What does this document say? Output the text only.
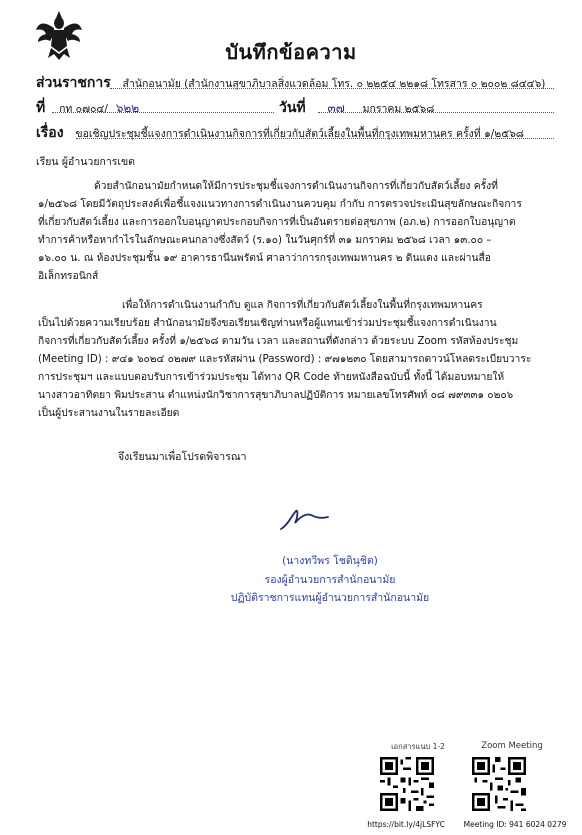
บันทึกข้อความ
ส่วนราชการ สำนักอนามัย (สำนักงานสุขาภิบาลสิ่งแวดล้อม โทร. ๐ ๒๒๕๔ ๒๒๑๘ โทรสาร ๐ ๒๐๐๒ ๘๔๔๖)
ที่ กท ๐๗๐๔/ ๖๒๒	วันที่ ๓๗ มกราคม ๒๕๖๘
เรื่อง ขอเชิญประชุมชี้แจงการดำเนินงานกิจการที่เกี่ยวกับสัตว์เลี้ยงในพื้นที่กรุงเทพมหานคร ครั้งที่ ๑/๒๕๖๘
เรียน ผู้อำนวยการเขต
ด้วยสำนักอนามัยกำหนดให้มีการประชุมชี้แจงการดำเนินงานกิจการที่เกี่ยวกับสัตว์เลี้ยง ครั้งที่
๑/๒๕๖๘ โดยมีวัตถุประสงค์เพื่อชี้แจงแนวทางการดำเนินงานควบคุม กำกับ การตรวจประเมินสุขลักษณะกิจการ
ที่เกี่ยวกับสัตว์เลี้ยง และการออกใบอนุญาตประกอบกิจการที่เป็นอันตรายต่อสุขภาพ (อภ.๒) การออกใบอนุญาต
ทำการค้าหรือหากำไรในลักษณะคนกลางซึ่งสัตว์ (ร.๑๐) ในวันศุกร์ที่ ๓๑ มกราคม ๒๕๖๘ เวลา ๑๓.๐๐ –
๑๖.๐๐ น. ณ ห้องประชุมชั้น ๑๙ อาคารธานีนพรัตน์ ศาลาว่าการกรุงเทพมหานคร ๒ ดินแดง และผ่านสื่อ
อิเล็กทรอนิกส์
เพื่อให้การดำเนินงานกำกับ ดูแล กิจการที่เกี่ยวกับสัตว์เลี้ยงในพื้นที่กรุงเทพมหานคร
เป็นไปด้วยความเรียบร้อย สำนักอนามัยจึงขอเรียนเชิญท่านหรือผู้แทนเข้าร่วมประชุมชี้แจงการดำเนินงาน
กิจการที่เกี่ยวกับสัตว์เลี้ยง ครั้งที่ ๑/๒๕๖๘ ตามวัน เวลา และสถานที่ดังกล่าว ด้วยระบบ Zoom รหัสห้องประชุม
(Meeting ID) : ๙๔๑ ๖๐๒๔ ๐๒๗๙ และรหัสผ่าน (Password) : ๙๗๑๒๓๐ โดยสามารถดาวน์โหลดระเบียบวาระ
การประชุมฯ และแบบตอบรับการเข้าร่วมประชุม ได้ทาง QR Code ท้ายหนังสือฉบับนี้ ทั้งนี้ ได้มอบหมายให้
นางสาวอาทิตยา พิมประสาน ตำแหน่งนักวิชาการสุขาภิบาลปฏิบัติการ หมายเลขโทรศัพท์ ๐๘ ๗๙๓๓๑ ๐๒๐๖
เป็นผู้ประสานงานในรายละเอียด
จึงเรียนมาเพื่อโปรดพิจารณา
(นางทวีพร โชตินุชิต)
รองผู้อำนวยการสำนักอนามัย
ปฏิบัติราชการแทนผู้อำนวยการสำนักอนามัย
เอกสารแนบ 1-2
https://bit.ly/4jLSFYC
Zoom Meeting
Meeting ID: 941 6024 0279
